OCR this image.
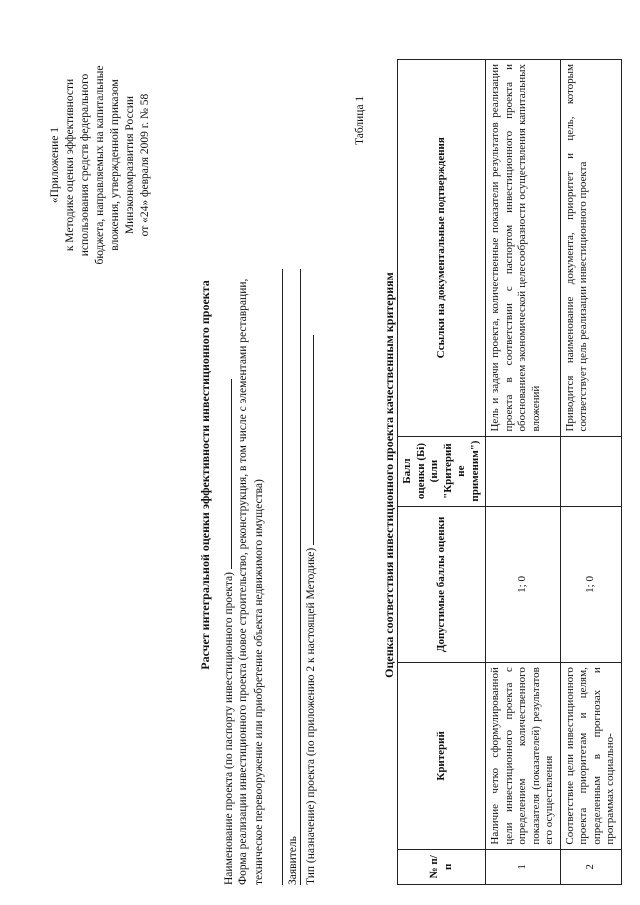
«Приложение 1 к Методике оценки эффективности использования средств федерального бюджета, направляемых на капитальные вложения, утвержденной приказом Минэкономразвития России от «24» февраля 2009 г. № 58
Расчет интегральной оценки эффективности инвестиционного проекта
Наименование проекта (по паспорту инвестиционного проекта) Форма реализации инвестиционного проекта (новое строительство, реконструкция, в том числе с элементами реставрации, техническое перевооружение или приобретение объекта недвижимого имущества) Заявитель Тип (назначение) проекта (по приложению 2 к настоящей Методике)
Таблица 1
Оценка соответствия инвестиционного проекта качественным критериям
№ п/п	Критерий	Допустимые баллы оценки	Балл оценки (Бi) (или "Критерий не применим")	Ссылки на документальные подтверждения
1	Наличие четко сформулированной цели инвестиционного проекта с определением количественного показателя (показателей) результатов его осуществления	1; 0		Цель и задачи проекта, количественные показатели результатов реализации проекта в соответствии с паспортом инвестиционного проекта и обоснованием экономической целесообразности осуществления капитальных вложений
2	Соответствие цели инвестиционного проекта приоритетам и целям, определенным в прогнозах и программах социально-	1; 0		Приводится наименование документа, приоритет и цель, которым соответствует цель реализации инвестиционного проекта
